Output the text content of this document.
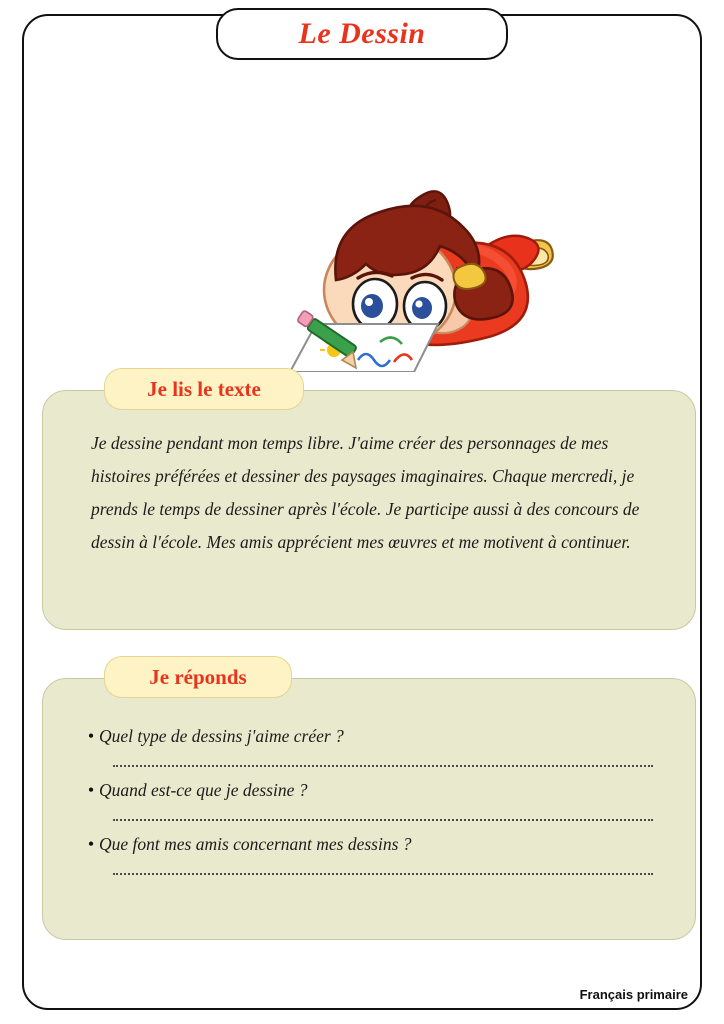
Le Dessin
Je dessine pendant mon temps libre. J'aime créer des personnages de mes histoires préférées et dessiner des paysages imaginaires. Chaque mercredi, je prends le temps de dessiner après l'école. Je participe aussi à des concours de dessin à l'école. Mes amis apprécient mes œuvres et me motivent à continuer.
Je lis le texte
• Quel type de dessins j'aime créer ?
• Quand est-ce que je dessine ?
• Que font mes amis concernant mes dessins ?
Je réponds
Français primaire
